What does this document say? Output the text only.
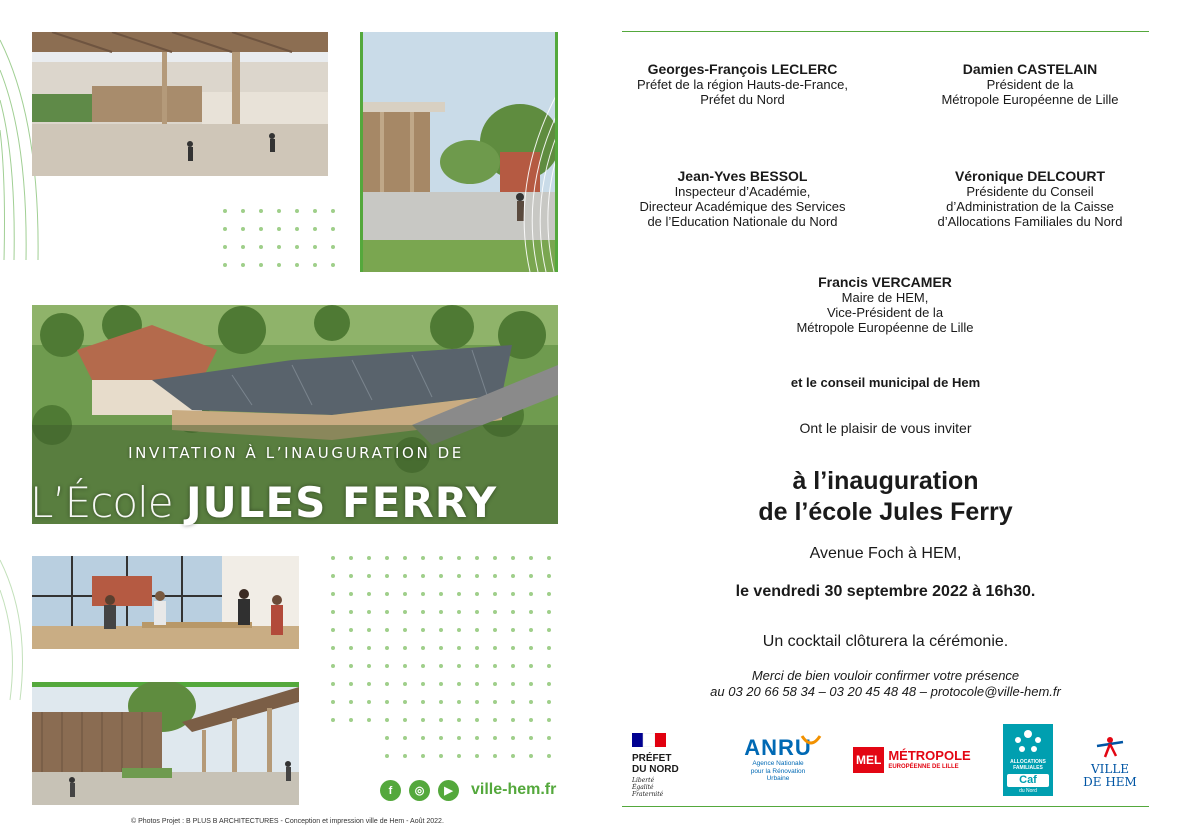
INVITATION À L’INAUGURATION DE
L’École JULES FERRY
f	◎	▶	ville-hem.fr
© Photos Projet : B PLUS B ARCHITECTURES - Conception et impression ville de Hem - Août 2022.
Georges-François LECLERC
Préfet de la région Hauts-de-France,
Préfet du Nord
Damien CASTELAIN
Président de la
Métropole Européenne de Lille
Jean-Yves BESSOL
Inspecteur d’Académie,
Directeur Académique des Services
de l’Education Nationale du Nord
Véronique DELCOURT
Présidente du Conseil
d’Administration de la Caisse
d’Allocations Familiales du Nord
Francis VERCAMER
Maire de HEM,
Vice-Président de la
Métropole Européenne de Lille
et le conseil municipal de Hem
Ont le plaisir de vous inviter
à l’inauguration
de l’école Jules Ferry
Avenue Foch à HEM,
le vendredi 30 septembre 2022 à 16h30.
Un cocktail clôturera la cérémonie.
Merci de bien vouloir confirmer votre présence
au 03 20 66 58 34 – 03 20 45 48 48 – protocole@ville-hem.fr
PRÉFET
DU NORD
Liberté
Égalité
Fraternité
ANRU
Agence Nationale
pour la Rénovation
Urbaine
MEL MÉTROPOLE
EUROPÉENNE DE LILLE
ALLOCATIONS
FAMILIALES
Caf
du Nord
VILLE
DE HEM
